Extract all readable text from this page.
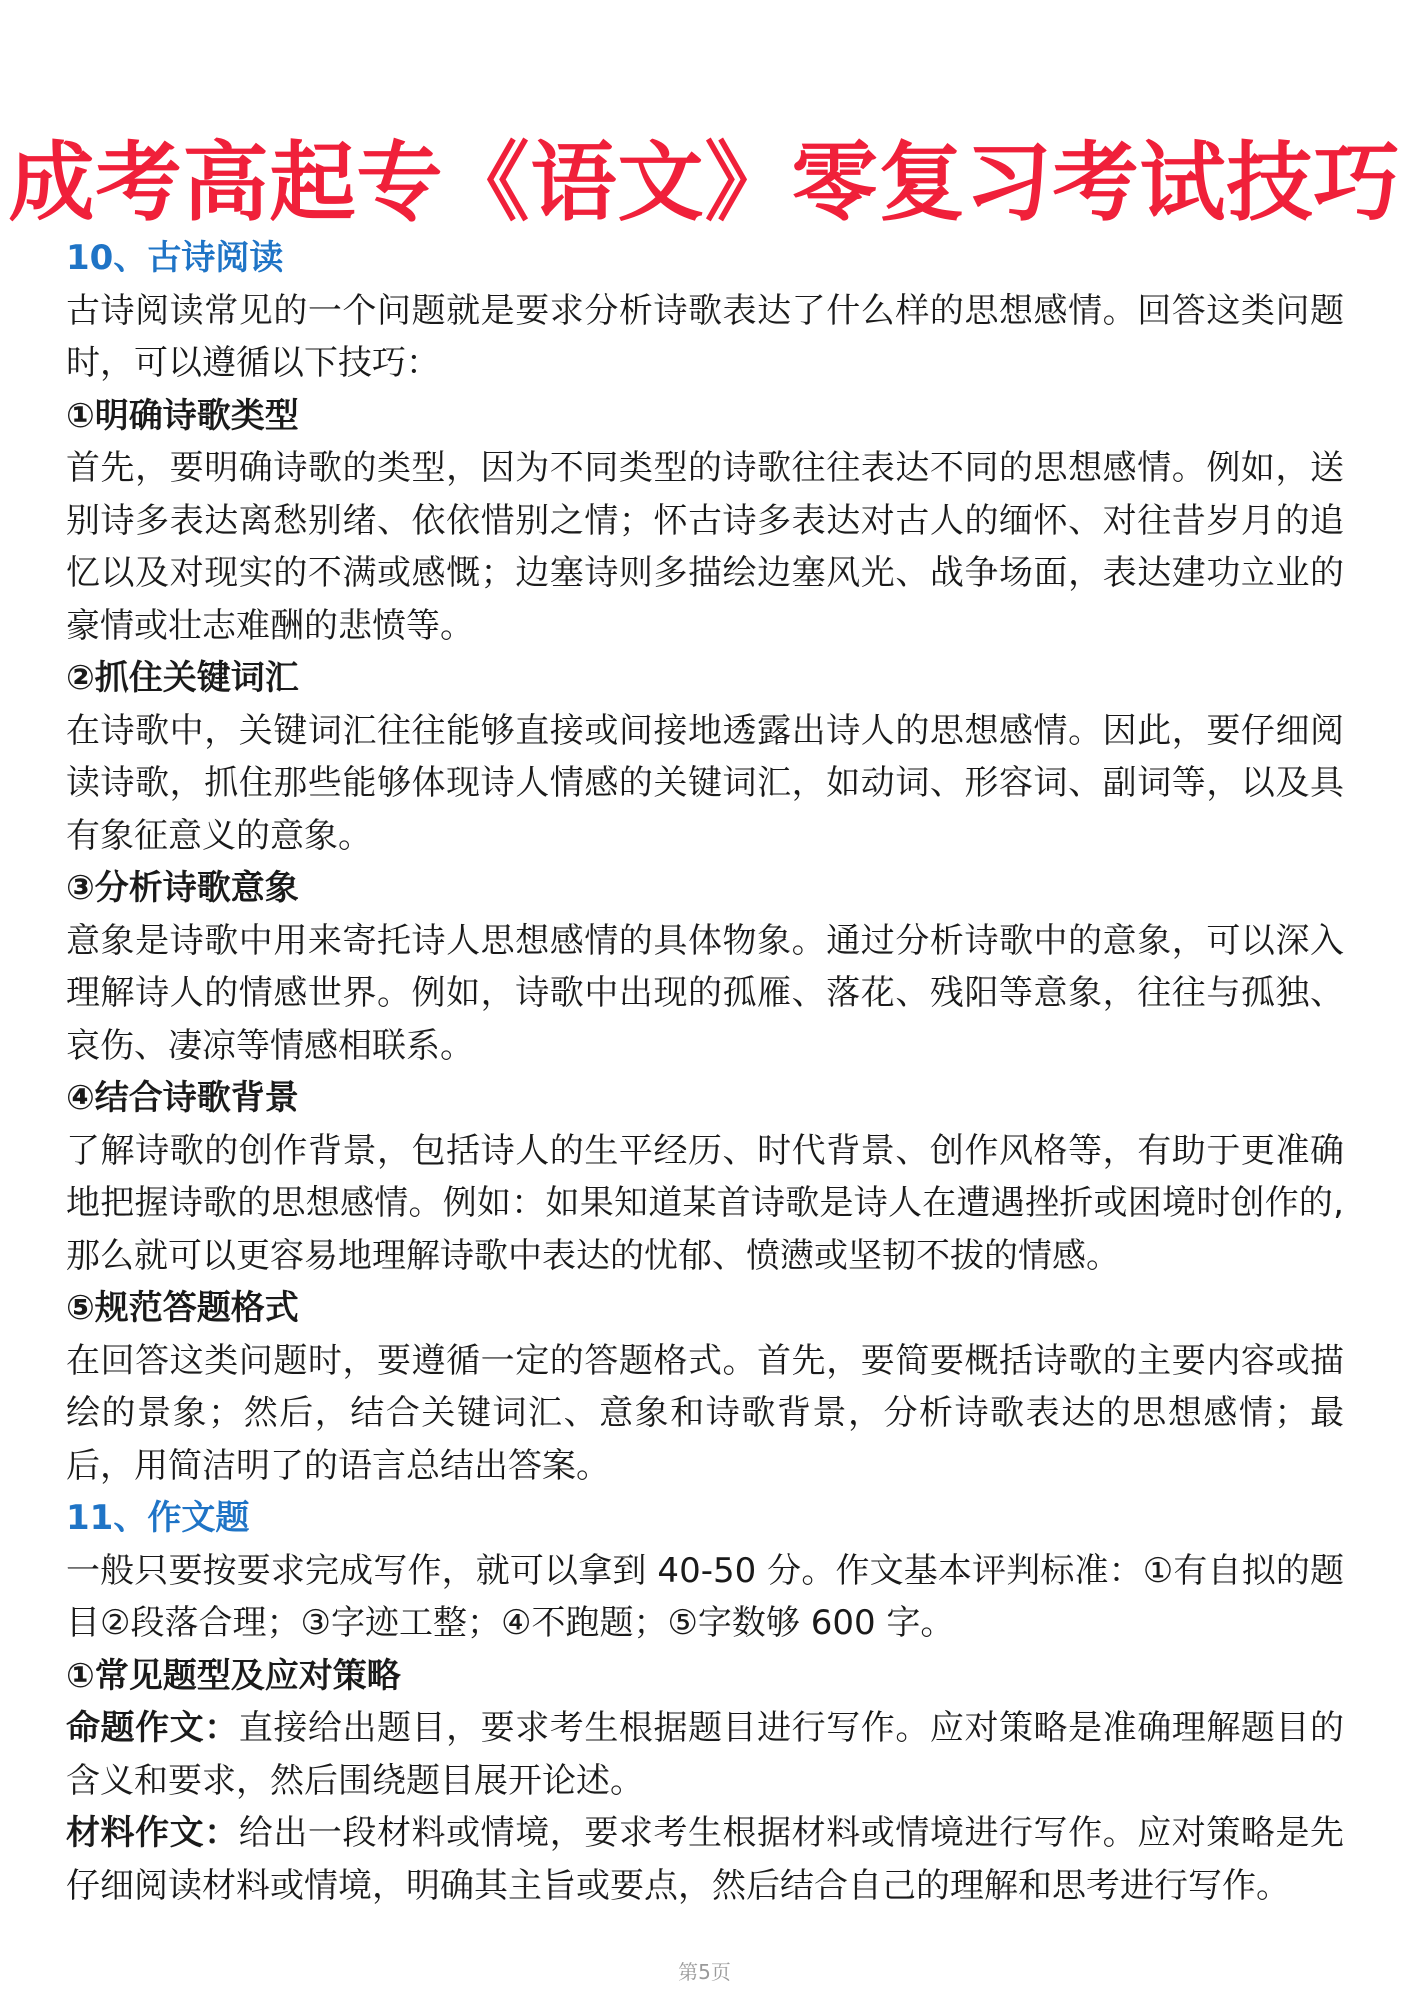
成考高起专《语文》零复习考试技巧

10、古诗阅读

古诗阅读常见的一个问题就是要求分析诗歌表达了什么样的思想感情。回答这类问题时，可以遵循以下技巧：

①明确诗歌类型

首先，要明确诗歌的类型，因为不同类型的诗歌往往表达不同的思想感情。例如，送别诗多表达离愁别绪、依依惜别之情；怀古诗多表达对古人的缅怀、对往昔岁月的追忆以及对现实的不满或感慨；边塞诗则多描绘边塞风光、战争场面，表达建功立业的豪情或壮志难酬的悲愤等。

②抓住关键词汇

在诗歌中，关键词汇往往能够直接或间接地透露出诗人的思想感情。因此，要仔细阅读诗歌，抓住那些能够体现诗人情感的关键词汇，如动词、形容词、副词等，以及具有象征意义的意象。

③分析诗歌意象

意象是诗歌中用来寄托诗人思想感情的具体物象。通过分析诗歌中的意象，可以深入理解诗人的情感世界。例如，诗歌中出现的孤雁、落花、残阳等意象，往往与孤独、哀伤、凄凉等情感相联系。

④结合诗歌背景

了解诗歌的创作背景，包括诗人的生平经历、时代背景、创作风格等，有助于更准确地把握诗歌的思想感情。例如：如果知道某首诗歌是诗人在遭遇挫折或困境时创作的,那么就可以更容易地理解诗歌中表达的忧郁、愤懑或坚韧不拔的情感。

⑤规范答题格式

在回答这类问题时，要遵循一定的答题格式。首先，要简要概括诗歌的主要内容或描绘的景象；然后，结合关键词汇、意象和诗歌背景，分析诗歌表达的思想感情；最后，用简洁明了的语言总结出答案。

11、作文题

一般只要按要求完成写作，就可以拿到 40-50 分。作文基本评判标准：①有自拟的题目②段落合理；③字迹工整；④不跑题；⑤字数够 600 字。

①常见题型及应对策略

命题作文：直接给出题目，要求考生根据题目进行写作。应对策略是准确理解题目的含义和要求，然后围绕题目展开论述。

材料作文：给出一段材料或情境，要求考生根据材料或情境进行写作。应对策略是先仔细阅读材料或情境，明确其主旨或要点，然后结合自己的理解和思考进行写作。

第5页
